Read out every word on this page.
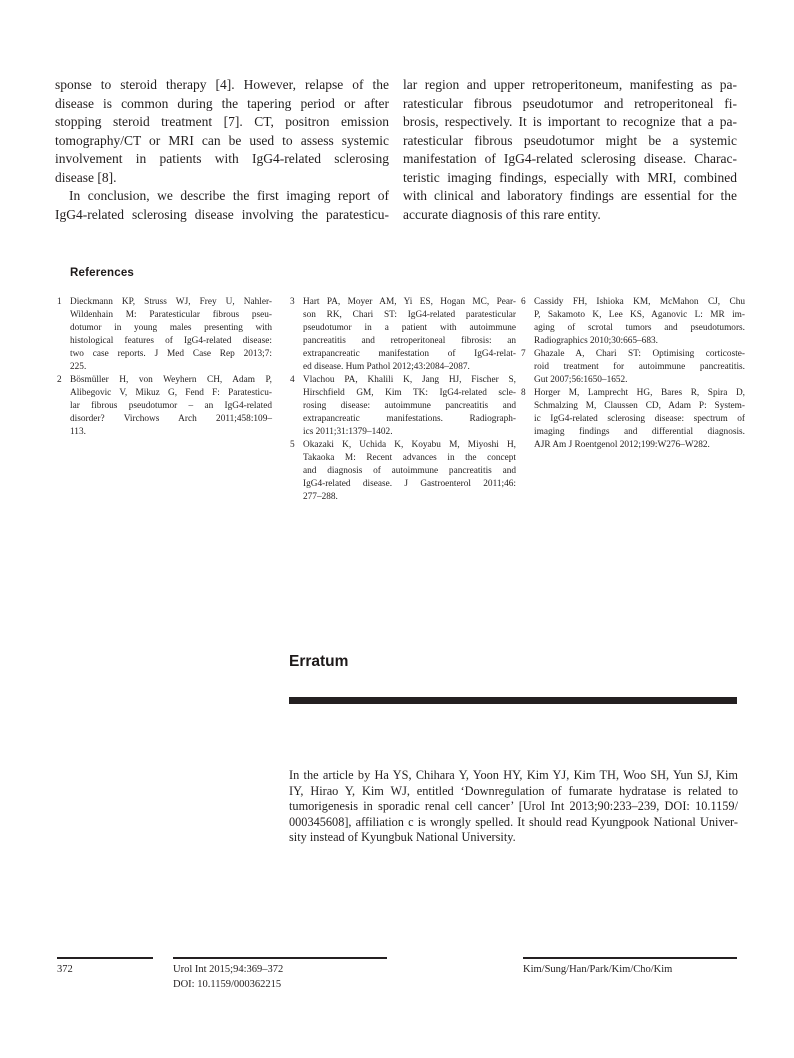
sponse to steroid therapy [4]. However, relapse of the
disease is common during the tapering period or after
stopping steroid treatment [7]. CT, positron emission
tomography/CT or MRI can be used to assess systemic
involvement in patients with IgG4-related sclerosing
disease [8].
In conclusion, we describe the first imaging report of
IgG4-related sclerosing disease involving the paratesticu-
lar region and upper retroperitoneum, manifesting as pa-
ratesticular fibrous pseudotumor and retroperitoneal fi-
brosis, respectively. It is important to recognize that a pa-
ratesticular fibrous pseudotumor might be a systemic
manifestation of IgG4-related sclerosing disease. Charac-
teristic imaging findings, especially with MRI, combined
with clinical and laboratory findings are essential for the
accurate diagnosis of this rare entity.
References
1 Dieckmann KP, Struss WJ, Frey U, Nahler-
Wildenhain M: Paratesticular fibrous pseu-
dotumor in young males presenting with
histological features of IgG4-related disease:
two case reports. J Med Case Rep 2013;7:
225.
2 Bösmüller H, von Weyhern CH, Adam P,
Alibegovic V, Mikuz G, Fend F: Paratesticu-
lar fibrous pseudotumor – an IgG4-related
disorder? Virchows Arch 2011;458:109–
113.
3 Hart PA, Moyer AM, Yi ES, Hogan MC, Pear-
son RK, Chari ST: IgG4-related paratesticular
pseudotumor in a patient with autoimmune
pancreatitis and retroperitoneal fibrosis: an
extrapancreatic manifestation of IgG4-relat-
ed disease. Hum Pathol 2012;43:2084–2087.
4 Vlachou PA, Khalili K, Jang HJ, Fischer S,
Hirschfield GM, Kim TK: IgG4-related scle-
rosing disease: autoimmune pancreatitis and
extrapancreatic manifestations. Radiograph-
ics 2011;31:1379–1402.
5 Okazaki K, Uchida K, Koyabu M, Miyoshi H,
Takaoka M: Recent advances in the concept
and diagnosis of autoimmune pancreatitis and
IgG4-related disease. J Gastroenterol 2011;46:
277–288.
6 Cassidy FH, Ishioka KM, McMahon CJ, Chu
P, Sakamoto K, Lee KS, Aganovic L: MR im-
aging of scrotal tumors and pseudotumors.
Radiographics 2010;30:665–683.
7 Ghazale A, Chari ST: Optimising corticoste-
roid treatment for autoimmune pancreatitis.
Gut 2007;56:1650–1652.
8 Horger M, Lamprecht HG, Bares R, Spira D,
Schmalzing M, Claussen CD, Adam P: System-
ic IgG4-related sclerosing disease: spectrum of
imaging findings and differential diagnosis.
AJR Am J Roentgenol 2012;199:W276–W282.
Erratum
In the article by Ha YS, Chihara Y, Yoon HY, Kim YJ, Kim TH, Woo SH, Yun SJ, Kim
IY, Hirao Y, Kim WJ, entitled ‘Downregulation of fumarate hydratase is related to
tumorigenesis in sporadic renal cell cancer’ [Urol Int 2013;90:233–239, DOI: 10.1159/
000345608], affiliation c is wrongly spelled. It should read Kyungpook National Univer-
sity instead of Kyungbuk National University.
372	Urol Int 2015;94:369–372
DOI: 10.1159/000362215
Kim/Sung/Han/Park/Kim/Cho/Kim
